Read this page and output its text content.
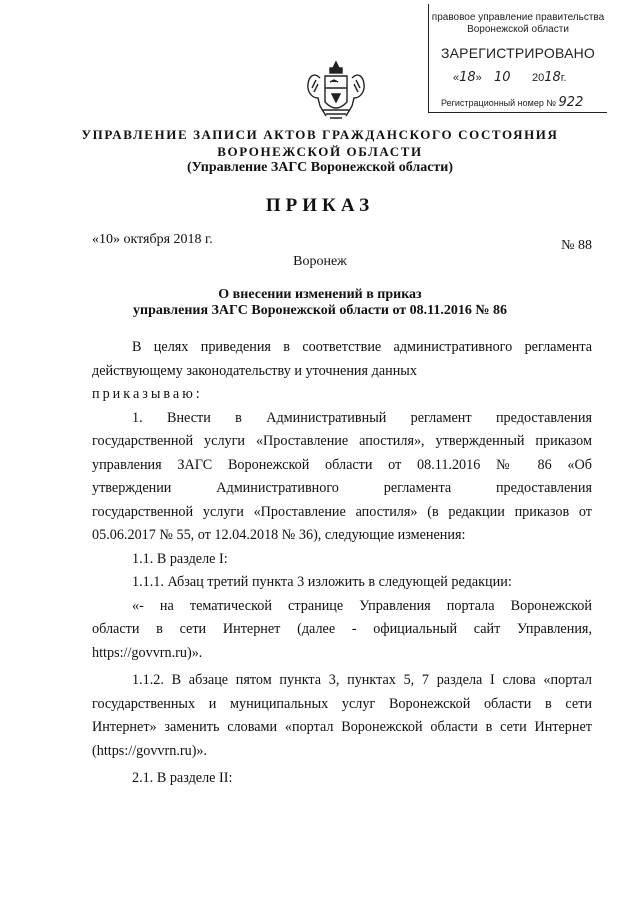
правовое управление правительства
Воронежской области
ЗАРЕГИСТРИРОВАНО
«18» 10 2018г.
Регистрационный номер № 922
УПРАВЛЕНИЕ ЗАПИСИ АКТОВ ГРАЖДАНСКОГО СОСТОЯНИЯ
ВОРОНЕЖСКОЙ ОБЛАСТИ
(Управление ЗАГС Воронежской области)
ПРИКАЗ
«10» октября 2018 г.	№ 88
Воронеж
О внесении изменений в приказ
управления ЗАГС Воронежской области от 08.11.2016 № 86

В целях приведения в соответствие административного регламента

действующему законодательству и уточнения данных

приказываю:

1. Внести в Административный регламент предоставления

государственной услуги «Проставление апостиля», утвержденный приказом

управления ЗАГС Воронежской области от 08.11.2016 № 86 «Об

утверждении Административного регламента предоставления

государственной услуги «Проставление апостиля» (в редакции приказов от

05.06.2017 № 55, от 12.04.2018 № 36), следующие изменения:

1.1. В разделе I:

1.1.1. Абзац третий пункта 3 изложить в следующей редакции:

«- на тематической странице Управления портала Воронежской

области в сети Интернет (далее - официальный сайт Управления,

https://govvrn.ru)».

1.1.2. В абзаце пятом пункта 3, пунктах 5, 7 раздела I слова «портал

государственных и муниципальных услуг Воронежской области в сети

Интернет» заменить словами «портал Воронежской области в сети Интернет

(https://govvrn.ru)».

2.1. В разделе II:
